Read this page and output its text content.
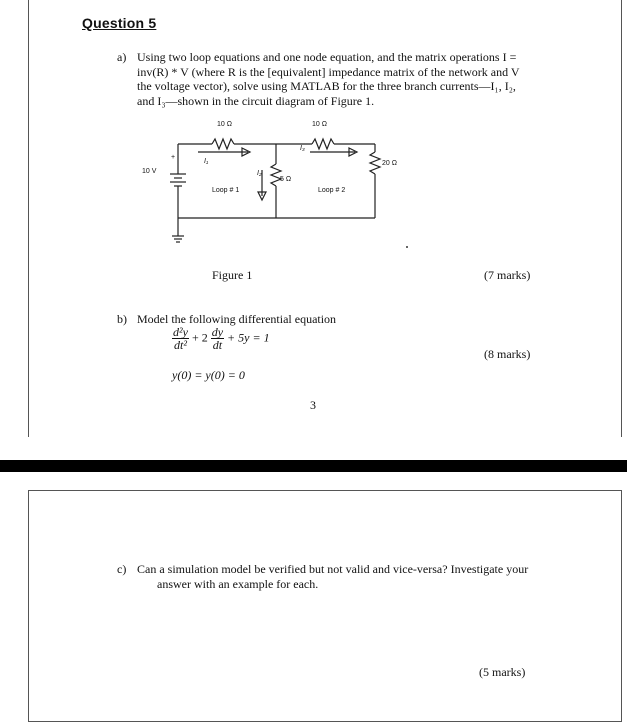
Question 5
a) Using two loop equations and one node equation, and the matrix operations I =
inv(R) * V (where R is the [equivalent] impedance matrix of the network and V
the voltage vector), solve using MATLAB for the three branch currents—I₁, I₂,
and I₃—shown in the circuit diagram of Figure 1.
10 Ω	10 Ω
5 Ω
20 Ω
10 V
+
I₁
I₂
I₃
Loop # 1	Loop # 2
Figure 1	(7 marks)
b) Model the following differential equation
$\frac{\text{d²y}}{\text{dt²}} + 2 \frac{dy}{dt} + 5y = 1$
(8 marks)
y(0) = y(0) = 0
3
c) Can a simulation model be verified but not valid and vice-versa? Investigate your
answer with an example for each.
(5 marks)
